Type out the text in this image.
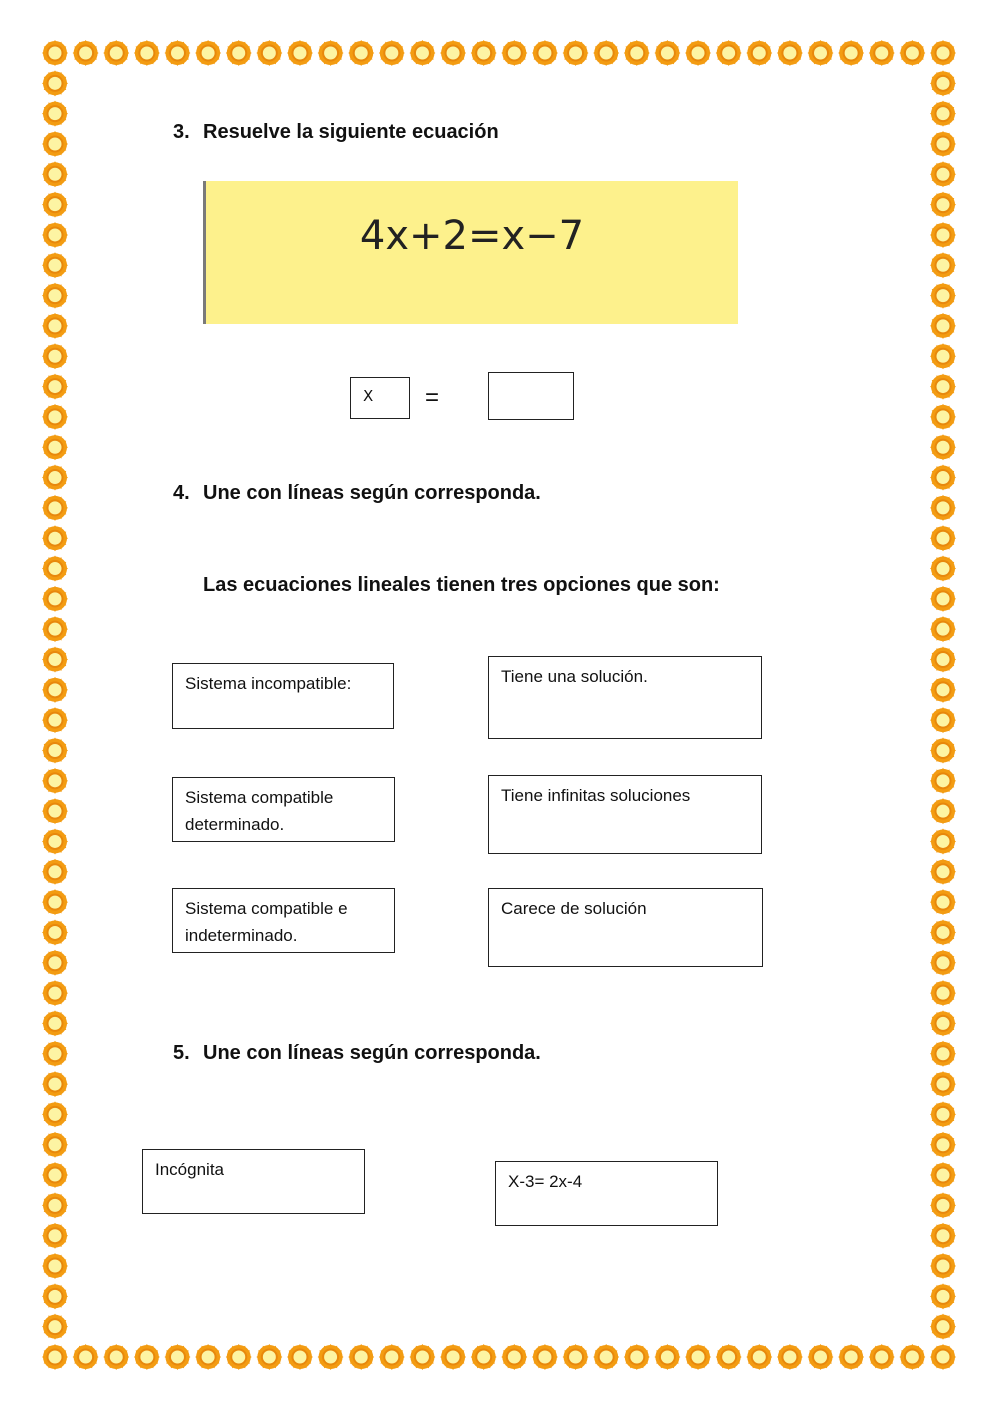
3. Resuelve la siguiente ecuación
4x+2=x−7
X	=
4. Une con líneas según corresponda.

Las ecuaciones lineales tienen tres opciones que son:

Sistema incompatible:
Sistema compatible determinado.
Sistema compatible e indeterminado.
Tiene una solución.
Tiene infinitas soluciones
Carece de solución
5. Une con líneas según corresponda.
Incógnita
X-3= 2x-4
